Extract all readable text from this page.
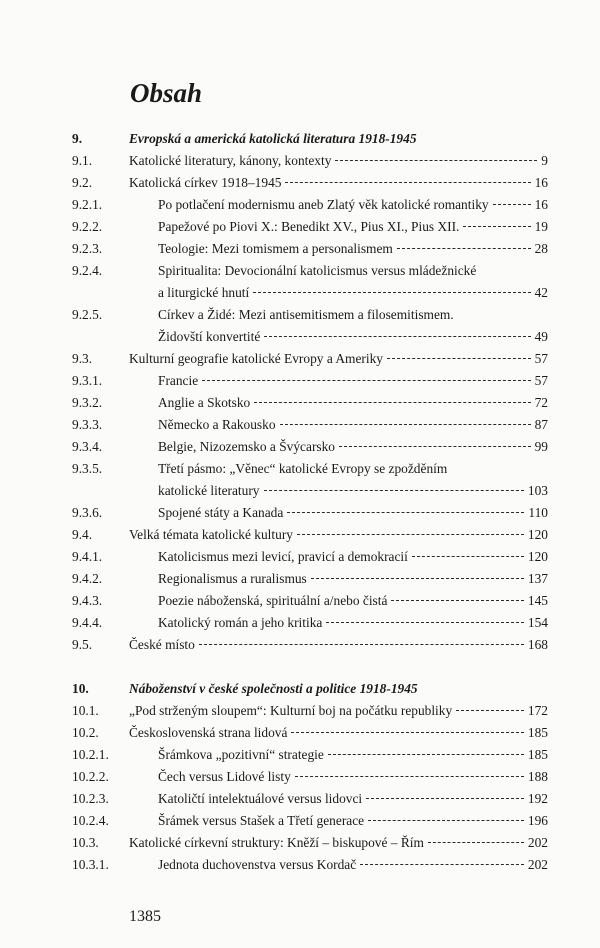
Obsah
9.	Evropská a americká katolická literatura 1918-1945
9.1.	Katolické literatury, kánony, kontexty	9
9.2.	Katolická církev 1918–1945	16
9.2.1.	Po potlačení modernismu aneb Zlatý věk katolické romantiky	16
9.2.2.	Papežové po Piovi X.: Benedikt XV., Pius XI., Pius XII.	19
9.2.3.	Teologie: Mezi tomismem a personalismem	28
9.2.4.	Spiritualita: Devocionální katolicismus versus mládežnické
a liturgické hnutí	42
9.2.5.	Církev a Židé: Mezi antisemitismem a filosemitismem.
Židovští konvertité	49
9.3.	Kulturní geografie katolické Evropy a Ameriky	57
9.3.1.	Francie	57
9.3.2.	Anglie a Skotsko	72
9.3.3.	Německo a Rakousko	87
9.3.4.	Belgie, Nizozemsko a Švýcarsko	99
9.3.5.	Třetí pásmo: „Věnec“ katolické Evropy se zpožděním
katolické literatury	103
9.3.6.	Spojené státy a Kanada	110
9.4.	Velká témata katolické kultury	120
9.4.1.	Katolicismus mezi levicí, pravicí a demokracií	120
9.4.2.	Regionalismus a ruralismus	137
9.4.3.	Poezie náboženská, spirituální a/nebo čistá	145
9.4.4.	Katolický román a jeho kritika	154
9.5.	České místo	168
10.	Náboženství v české společnosti a politice 1918-1945
10.1. „Pod strženým sloupem“: Kulturní boj na počátku republiky	172
10.2. Československá strana lidová	185
10.2.1.	Šrámkova „pozitivní“ strategie	185
10.2.2.	Čech versus Lidové listy	188
10.2.3.	Katoličtí intelektuálové versus lidovci	192
10.2.4.	Šrámek versus Stašek a Třetí generace	196
10.3. Katolické církevní struktury: Kněží – biskupové – Řím	202
10.3.1.	Jednota duchovenstva versus Kordač	202
1385
